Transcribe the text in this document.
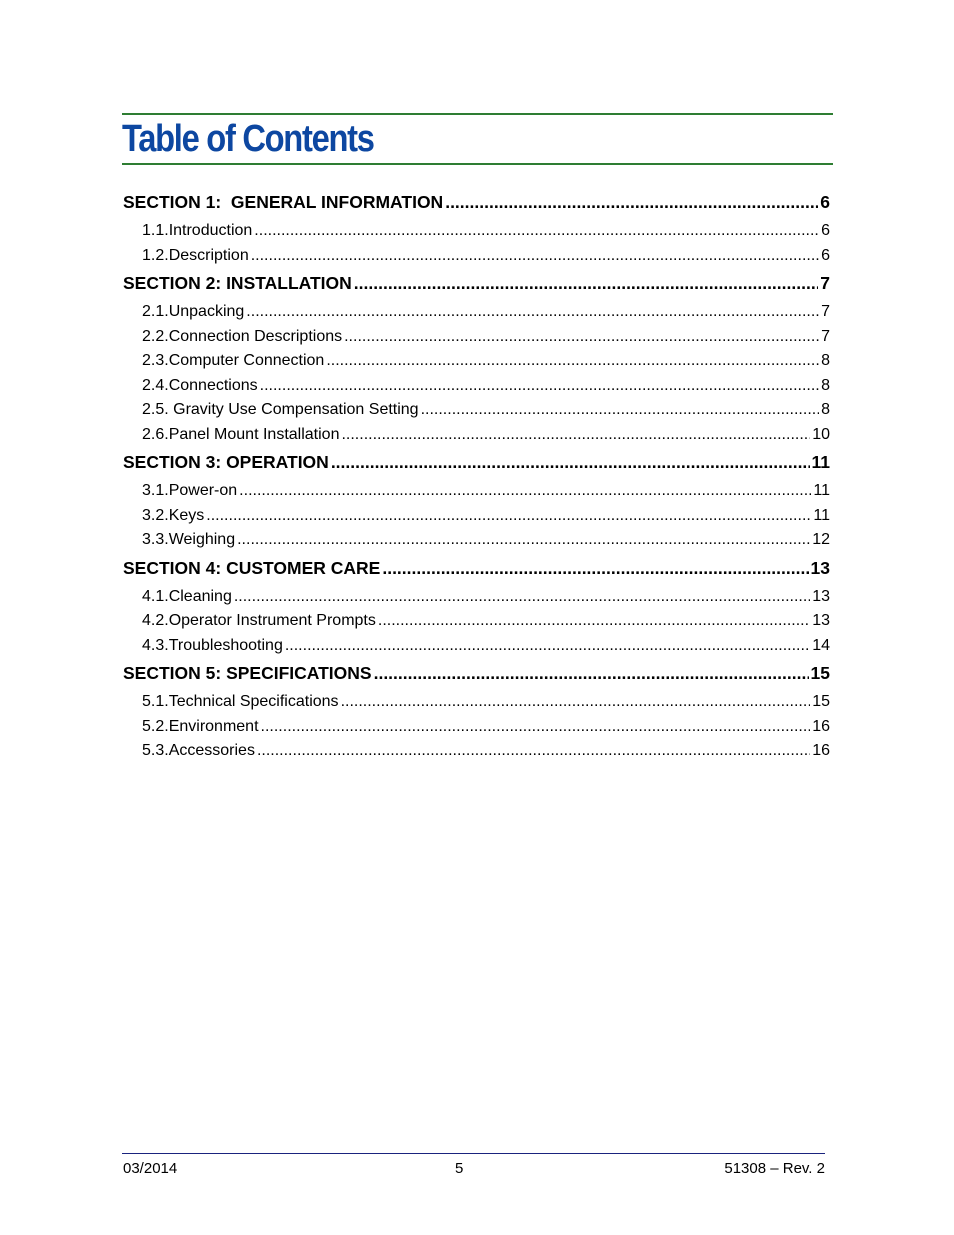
Table of Contents
SECTION 1:  GENERAL INFORMATION .....	6
1.1. Introduction .....	6
1.2. Description .....	6
SECTION 2: INSTALLATION .....	7
2.1. Unpacking .....	7
2.2. Connection Descriptions .....	7
2.3. Computer Connection .....	8
2.4. Connections .....	8
2.5. Gravity Use Compensation Setting .....	8
2.6. Panel Mount Installation .....	10
SECTION 3: OPERATION .....	11
3.1. Power-on .....	11
3.2. Keys .....	11
3.3. Weighing .....	12
SECTION 4: CUSTOMER CARE .....	13
4.1. Cleaning .....	13
4.2. Operator Instrument Prompts .....	13
4.3. Troubleshooting .....	14
SECTION 5: SPECIFICATIONS .....	15
5.1. Technical Specifications .....	15
5.2. Environment .....	16
5.3. Accessories .....	16
03/2014	5	51308 – Rev. 2
